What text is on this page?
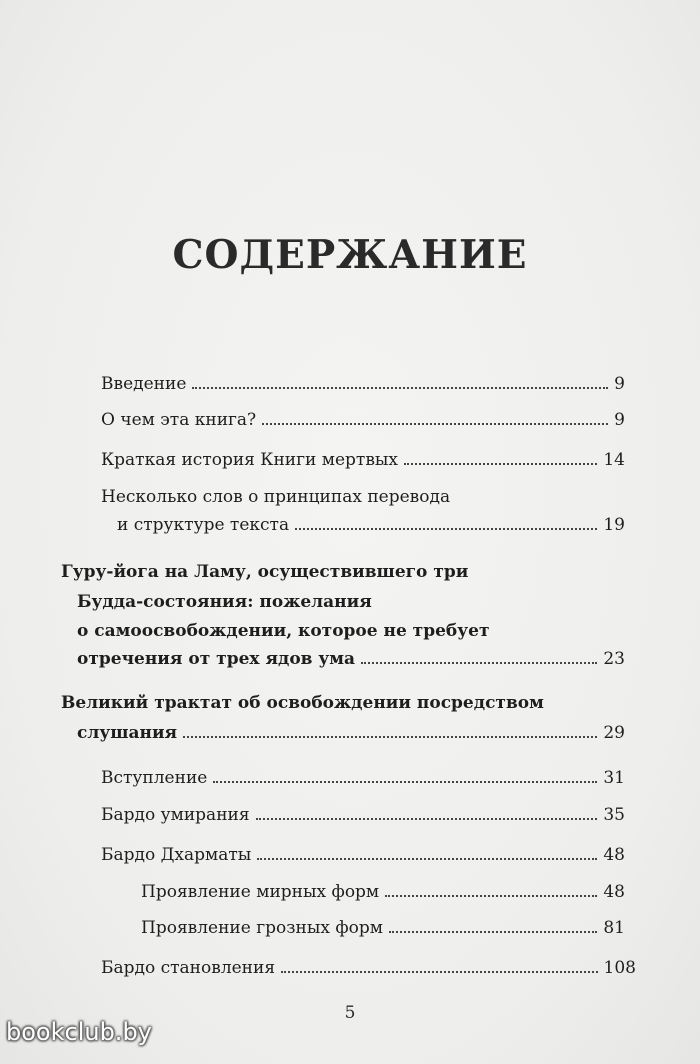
СОДЕРЖАНИЕ
Введение	9
О чем эта книга?	9
Краткая история Книги мертвых	14
Несколько слов о принципах перевода
и структуре текста	19
Гуру-йога на Ламу, осуществившего три
Будда-состояния: пожелания
о самоосвобождении, которое не требует
отречения от трех ядов ума	23
Великий трактат об освобождении посредством
слушания	29
Вступление	31
Бардо умирания	35
Бардо Дхарматы	48
Проявление мирных форм	48
Проявление грозных форм	81
Бардо становления	108
5
bookclub.by
